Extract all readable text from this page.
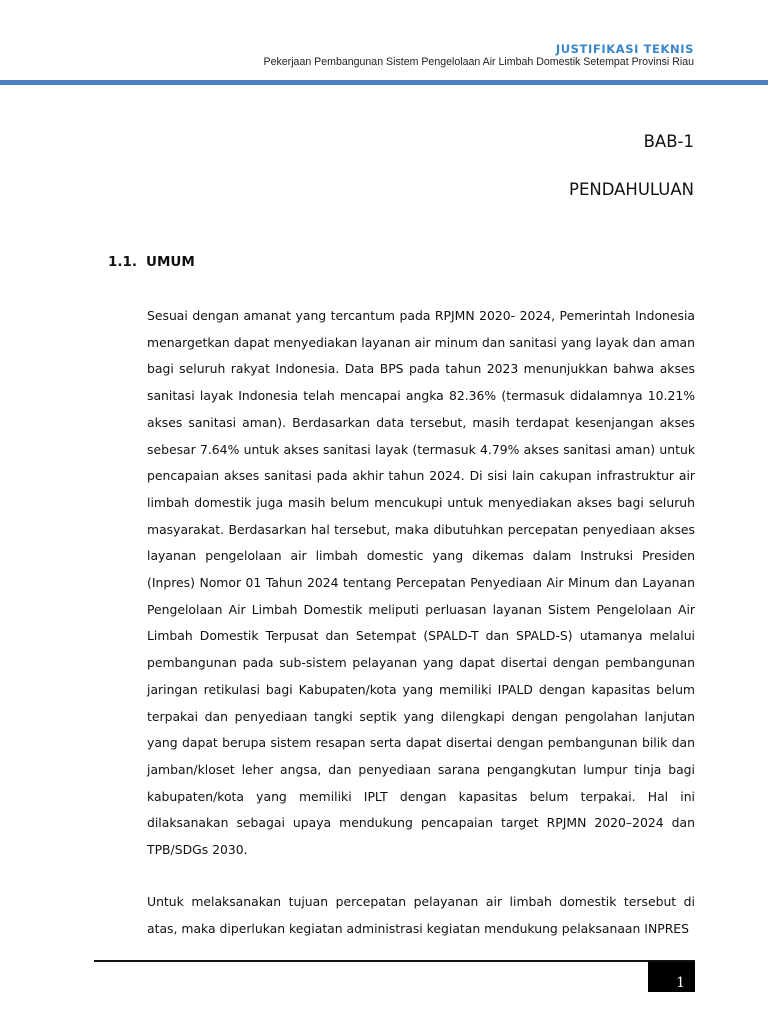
JUSTIFIKASI TEKNIS
Pekerjaan Pembangunan Sistem Pengelolaan Air Limbah Domestik Setempat Provinsi Riau
BAB-1
PENDAHULUAN
1.1. UMUM

Sesuai dengan amanat yang tercantum pada RPJMN 2020- 2024, Pemerintah Indonesia menargetkan dapat menyediakan layanan air minum dan sanitasi yang layak dan aman bagi seluruh rakyat Indonesia. Data BPS pada tahun 2023 menunjukkan bahwa akses sanitasi layak Indonesia telah mencapai angka 82.36% (termasuk didalamnya 10.21% akses sanitasi aman). Berdasarkan data tersebut, masih terdapat kesenjangan akses sebesar 7.64% untuk akses sanitasi layak (termasuk 4.79% akses sanitasi aman) untuk pencapaian akses sanitasi pada akhir tahun 2024. Di sisi lain cakupan infrastruktur air limbah domestik juga masih belum mencukupi untuk menyediakan akses bagi seluruh masyarakat. Berdasarkan hal tersebut, maka dibutuhkan percepatan penyediaan akses layanan pengelolaan air limbah domestic yang dikemas dalam Instruksi Presiden (Inpres) Nomor 01 Tahun 2024 tentang Percepatan Penyediaan Air Minum dan Layanan Pengelolaan Air Limbah Domestik meliputi perluasan layanan Sistem Pengelolaan Air Limbah Domestik Terpusat dan Setempat (SPALD-T dan SPALD-S) utamanya melalui pembangunan pada sub-sistem pelayanan yang dapat disertai dengan pembangunan jaringan retikulasi bagi Kabupaten/kota yang memiliki IPALD dengan kapasitas belum terpakai dan penyediaan tangki septik yang dilengkapi dengan pengolahan lanjutan yang dapat berupa sistem resapan serta dapat disertai dengan pembangunan bilik dan jamban/kloset leher angsa, dan penyediaan sarana pengangkutan lumpur tinja bagi kabupaten/kota yang memiliki IPLT dengan kapasitas belum terpakai. Hal ini dilaksanakan sebagai upaya mendukung pencapaian target RPJMN 2020–2024 dan TPB/SDGs 2030.

Untuk melaksanakan tujuan percepatan pelayanan air limbah domestik tersebut di atas, maka diperlukan kegiatan administrasi kegiatan mendukung pelaksanaan INPRES

1
